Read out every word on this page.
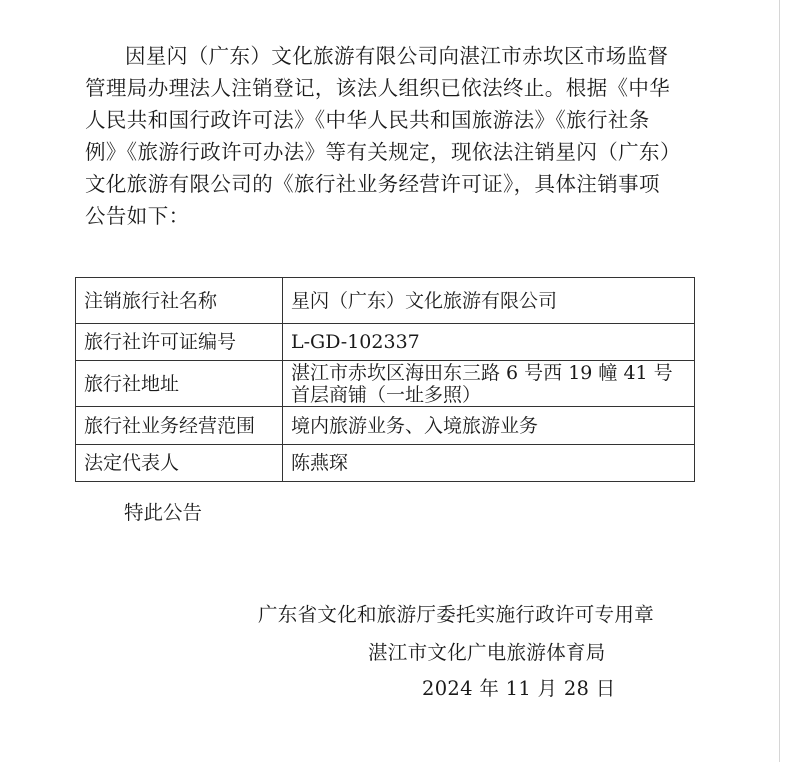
因星闪（广东）文化旅游有限公司向湛江市赤坎区市场监督
管理局办理法人注销登记，该法人组织已依法终止。根据《中华
人民共和国行政许可法》《中华人民共和国旅游法》《旅行社条
例》《旅游行政许可办法》等有关规定，现依法注销星闪（广东）
文化旅游有限公司的《旅行社业务经营许可证》，具体注销事项
公告如下：
注销旅行社名称	星闪（广东）文化旅游有限公司
旅行社许可证编号	L-GD-102337
旅行社地址	湛江市赤坎区海田东三路 6 号西 19 幢 41 号
首层商铺（一址多照）

旅行社业务经营范围	境内旅游业务、入境旅游业务
法定代表人	陈燕琛
特此公告
广东省文化和旅游厅委托实施行政许可专用章
湛江市文化广电旅游体育局
2024 年 11 月 28 日
